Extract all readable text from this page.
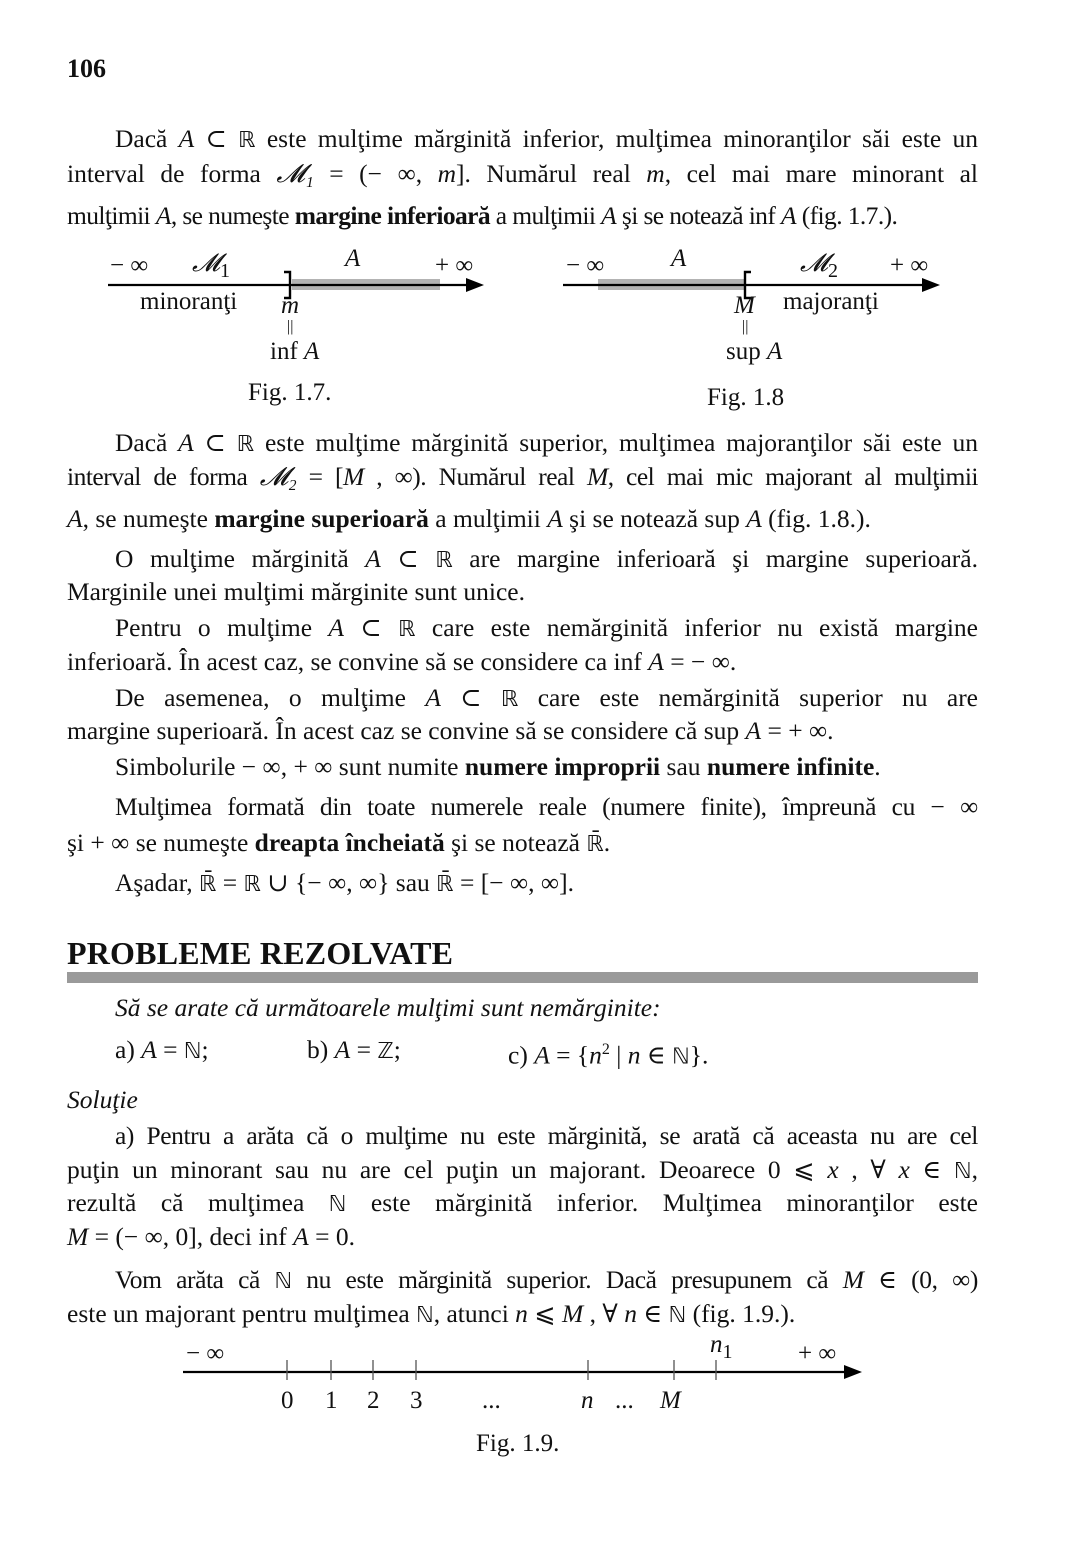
106
Dacă A ⊂ ℝ este mulţime mărginită inferior, mulţimea minoranţilor săi este un
interval de forma 𝓜₁ = (− ∞, m]. Numărul real m, cel mai mare minorant al
mulţimii A, se numeşte margine inferioară a mulţimii A şi se notează inf A (fig. 1.7.).
− ∞ 𝓜$_1$	A	+ ∞
minoranţi m
||
inf A
Fig. 1.7.
− ∞	A	𝓜$_2$ + ∞
M majoranţi
||
sup A
Fig. 1.8
Dacă A ⊂ ℝ este mulţime mărginită superior, mulţimea majoranţilor săi este un
interval de forma 𝓜₂ = [M , ∞). Numărul real M, cel mai mic majorant al mulţimii
A, se numeşte margine superioară a mulţimii A şi se notează sup A (fig. 1.8.).
O mulţime mărginită A ⊂ ℝ are margine inferioară şi margine superioară.
Marginile unei mulţimi mărginite sunt unice.
Pentru o mulţime A ⊂ ℝ care este nemărginită inferior nu există margine
inferioară. În acest caz, se convine să se considere ca inf A = − ∞.
De asemenea, o mulţime A ⊂ ℝ care este nemărginită superior nu are
margine superioară. În acest caz se convine să se considere că sup A = + ∞.
Simbolurile − ∞, + ∞ sunt numite numere improprii sau numere infinite.
Mulţimea formată din toate numerele reale (numere finite), împreună cu − ∞
şi + ∞ se numeşte dreapta încheiată şi se notează ℝ̄.
Aşadar, ℝ̄ = ℝ ∪ {− ∞, ∞} sau ℝ̄ = [− ∞, ∞].
PROBLEME REZOLVATE
Să se arate că următoarele mulţimi sunt nemărginite:
a) A = ℕ;	b) A = ℤ;	c) $A = \{n^2$ | n ∈ ℕ}.
Soluţie
a) Pentru a arăta că o mulţime nu este mărginită, se arată că aceasta nu are cel
puţin un minorant sau nu are cel puţin un majorant. Deoarece 0 ⩽ x , ∀ x ∈ ℕ,
rezultă că mulţimea ℕ este mărginită inferior. Mulţimea minoranţilor este
M = (− ∞, 0], deci inf A = 0.
Vom arăta că ℕ nu este mărginită superior. Dacă presupunem că M ∈ (0, ∞)
este un majorant pentru mulţimea ℕ, atunci n ⩽ M , ∀ n ∈ ℕ (fig. 1.9.).
− ∞	+ ∞
$n_1$
0 1 2 3 ...	n ... M
Fig. 1.9.
